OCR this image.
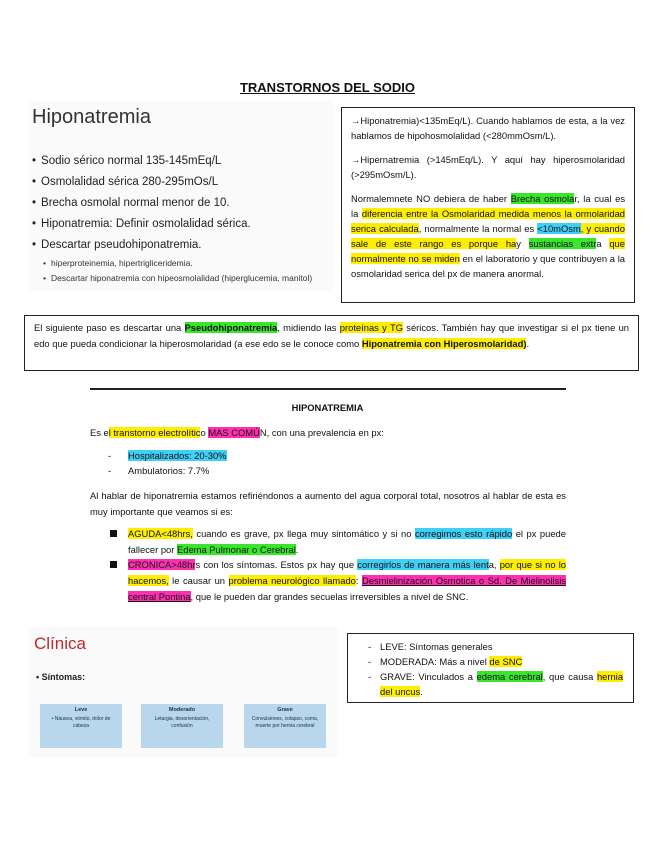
TRANSTORNOS DEL SODIO
Hiponatremia
• Sodio sérico normal 135-145mEq/L
• Osmolalidad sérica 280-295mOs/L
• Brecha osmolal normal menor de 10.
• Hiponatremia: Definir osmolalidad sérica.
• Descartar pseudohiponatremia.
• hiperproteinemia, hipertrigliceridemia.
• Descartar hiponatremia con hipeosmolalidad (hiperglucemia, manitol)

→Hiponatremia)<135mEq/L). Cuando hablamos de esta, a la vez hablamos de hipohosmolalidad (<280mmOsm/L).

→Hipernatremia (>145mEq/L). Y aquí hay hiperosmolaridad (>295mOsm/L).

Normalemnete NO debiera de haber Brecha osmolar, la cual es la diferencia entre la Osmolaridad medida menos la ormolaridad serica calculada, normalmente la normal es <10mOsm, y cuando sale de este rango es porque hay sustancias extra que normalmente no se miden en el laboratorio y que contribuyen a la osmolaridad serica del px de manera anormal.

El siguiente paso es descartar una Pseudohiponatremia, midiendo las proteínas y TG séricos. También hay que investigar si el px tiene un edo que pueda condicionar la hiperosmolaridad (a ese edo se le conoce como Hiponatremia con Hiperosmolaridad).
HIPONATREMIA
Es el transtorno electrolítico MAS COMÚN, con una prevalencia en px:
- Hospitalizados: 20-30%
- Ambulatorios: 7.7%
Al hablar de hiponatremia estamos refiriéndonos a aumento del agua corporal total, nosotros al hablar de esta es muy importante que veamos si es:
AGUDA<48hrs, cuando es grave, px llega muy sintomático y si no corregimos esto rápido el px puede fallecer por Edema Pulmonar o Cerebral.
CRONICA>48hrs con los síntomas. Estos px hay que corregirlos de manera más lenta, por que si no lo hacemos, le causar un problema neurológico llamado: Desmielinización Osmotica o Sd. De Mielinolisis central Pontina, que le pueden dar grandes secuelas irreversibles a nivel de SNC.
Clínica
• Síntomas:
Leve
• Náusea, vómito, dolor de cabeza
Moderado
Letargia, desorientación, confusión
Grave
Convulsiones, colapso, coma, muerte por hernia cerebral
- LEVE: Síntomas generales
- MODERADA: Más a nivel de SNC
- GRAVE: Vinculados a edema cerebral, que causa hernia del uncus.
